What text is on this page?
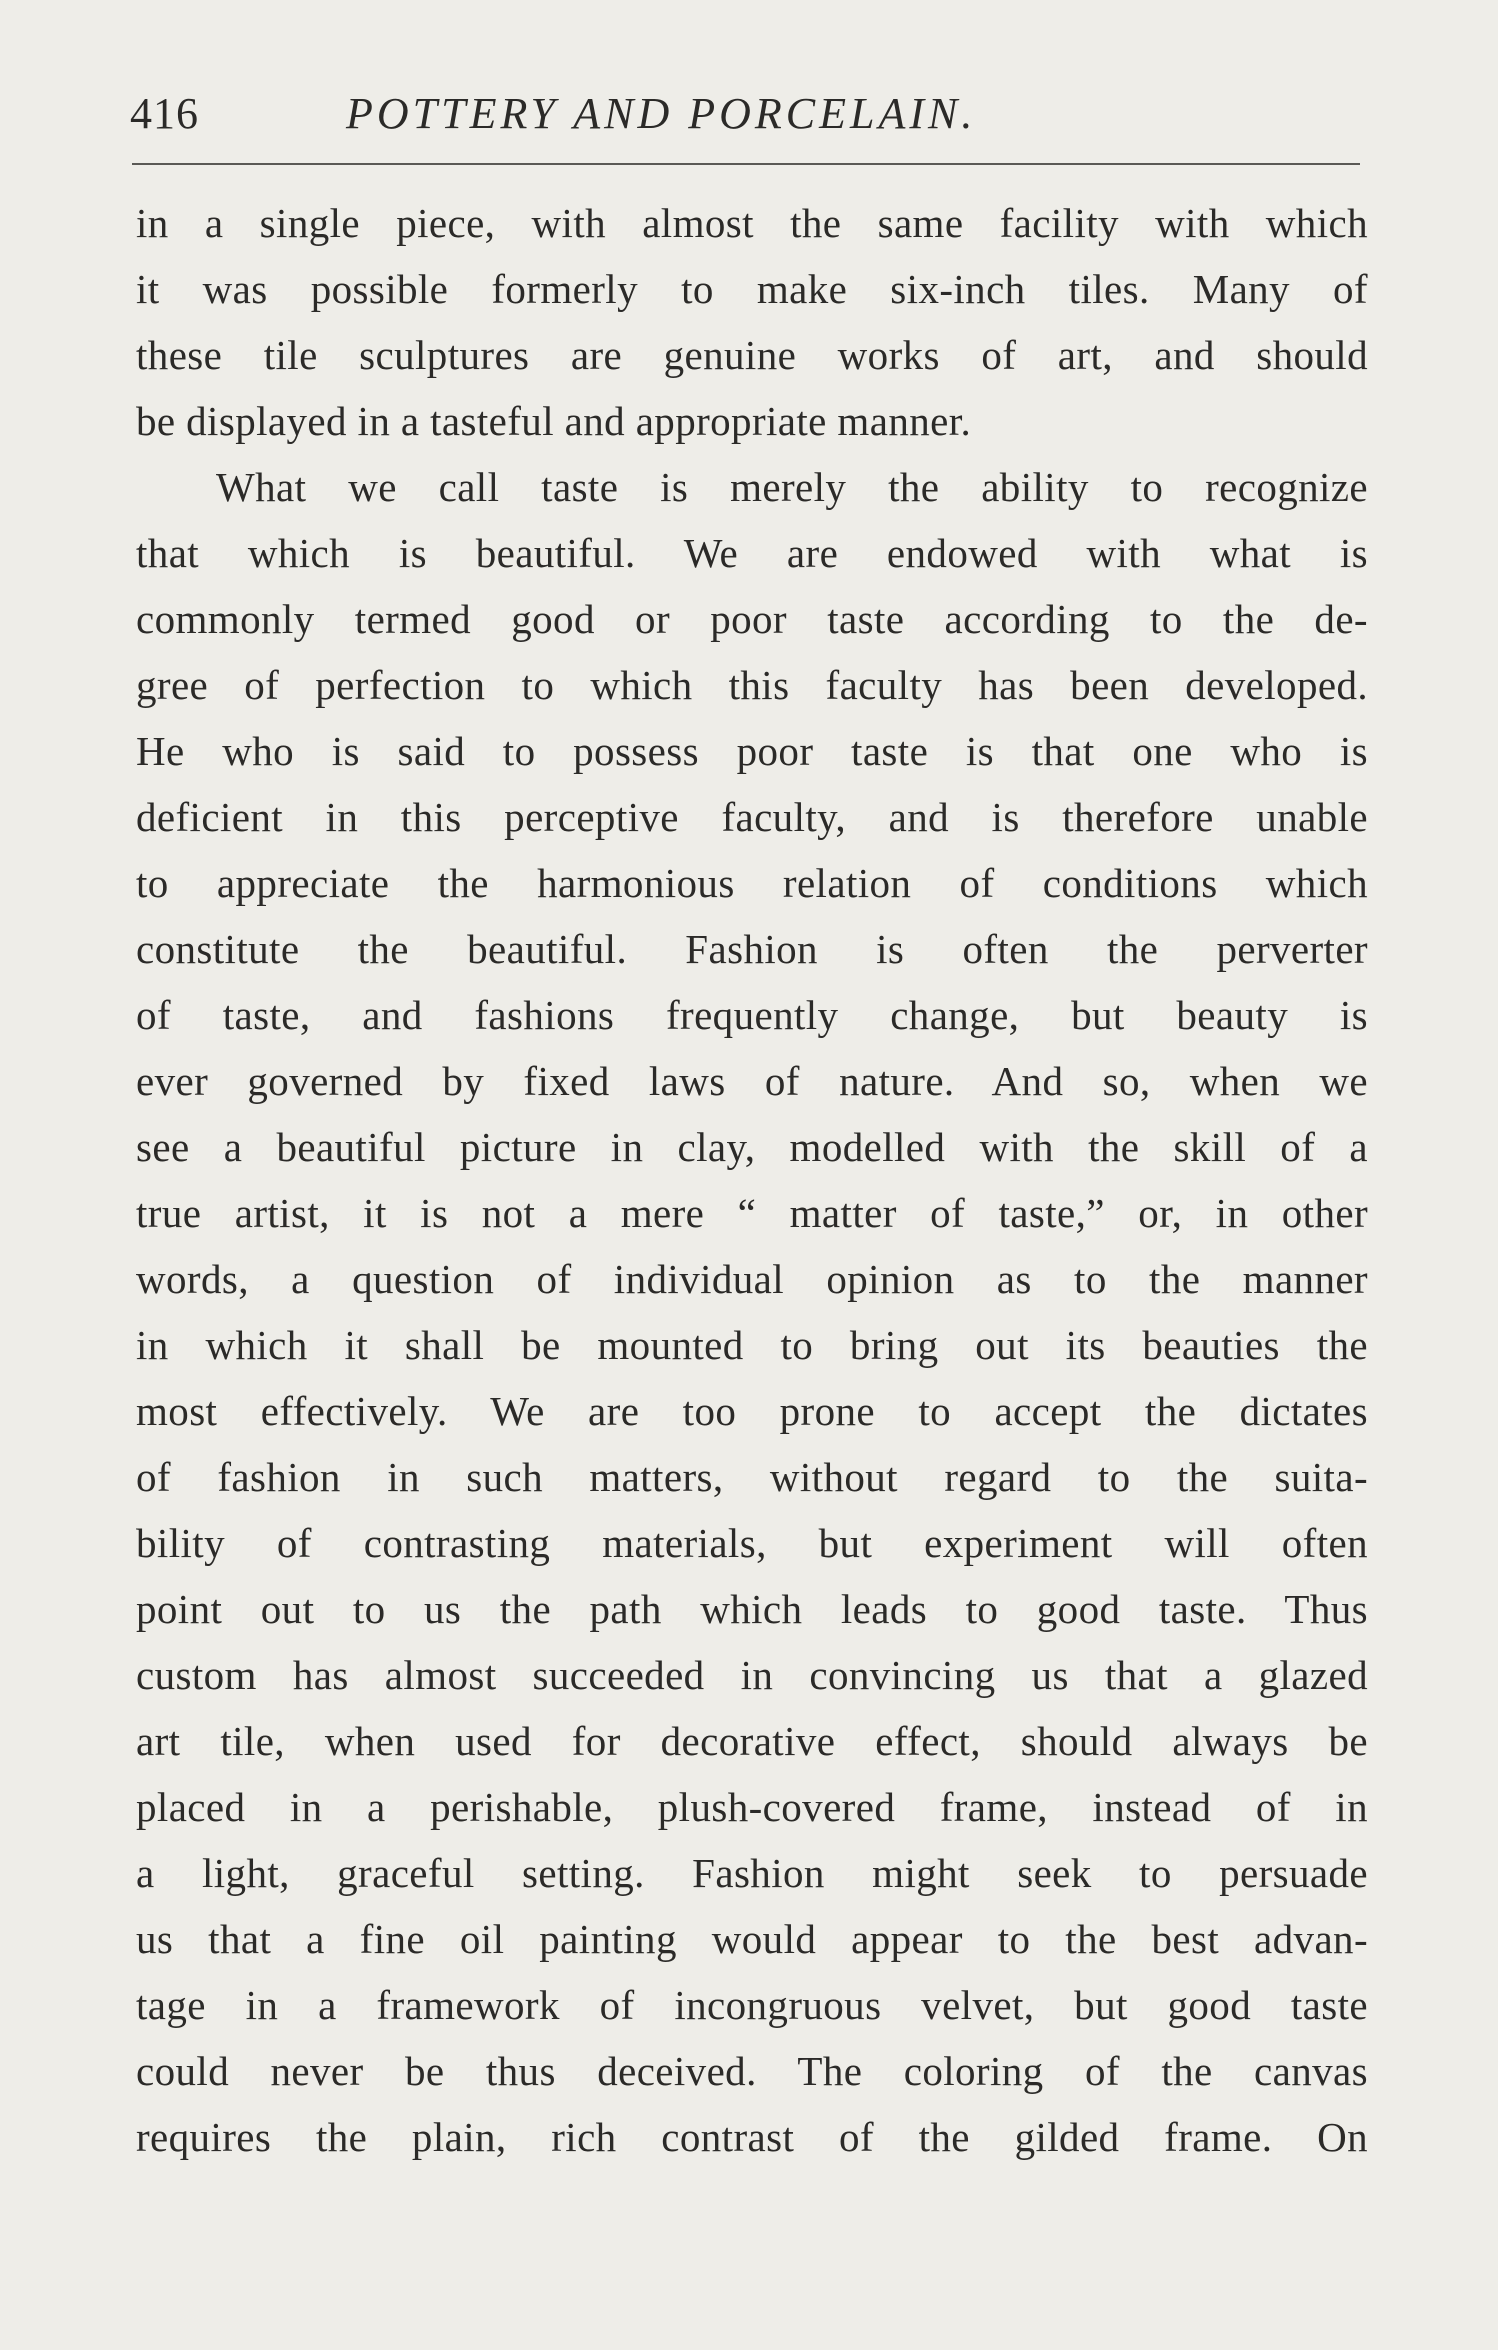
416	POTTERY AND PORCELAIN.
in a single piece, with almost the same facility with which
it was possible formerly to make six-inch tiles. Many of
these tile sculptures are genuine works of art, and should
be displayed in a tasteful and appropriate manner.
What we call taste is merely the ability to recognize
that which is beautiful. We are endowed with what is
commonly termed good or poor taste according to the de-
gree of perfection to which this faculty has been developed.
He who is said to possess poor taste is that one who is
deficient in this perceptive faculty, and is therefore unable
to appreciate the harmonious relation of conditions which
constitute the beautiful. Fashion is often the perverter
of taste, and fashions frequently change, but beauty is
ever governed by fixed laws of nature. And so, when we
see a beautiful picture in clay, modelled with the skill of a
true artist, it is not a mere “ matter of taste,” or, in other
words, a question of individual opinion as to the manner
in which it shall be mounted to bring out its beauties the
most effectively. We are too prone to accept the dictates
of fashion in such matters, without regard to the suita-
bility of contrasting materials, but experiment will often
point out to us the path which leads to good taste. Thus
custom has almost succeeded in convincing us that a glazed
art tile, when used for decorative effect, should always be
placed in a perishable, plush-covered frame, instead of in
a light, graceful setting. Fashion might seek to persuade
us that a fine oil painting would appear to the best advan-
tage in a framework of incongruous velvet, but good taste
could never be thus deceived. The coloring of the canvas
requires the plain, rich contrast of the gilded frame. On
